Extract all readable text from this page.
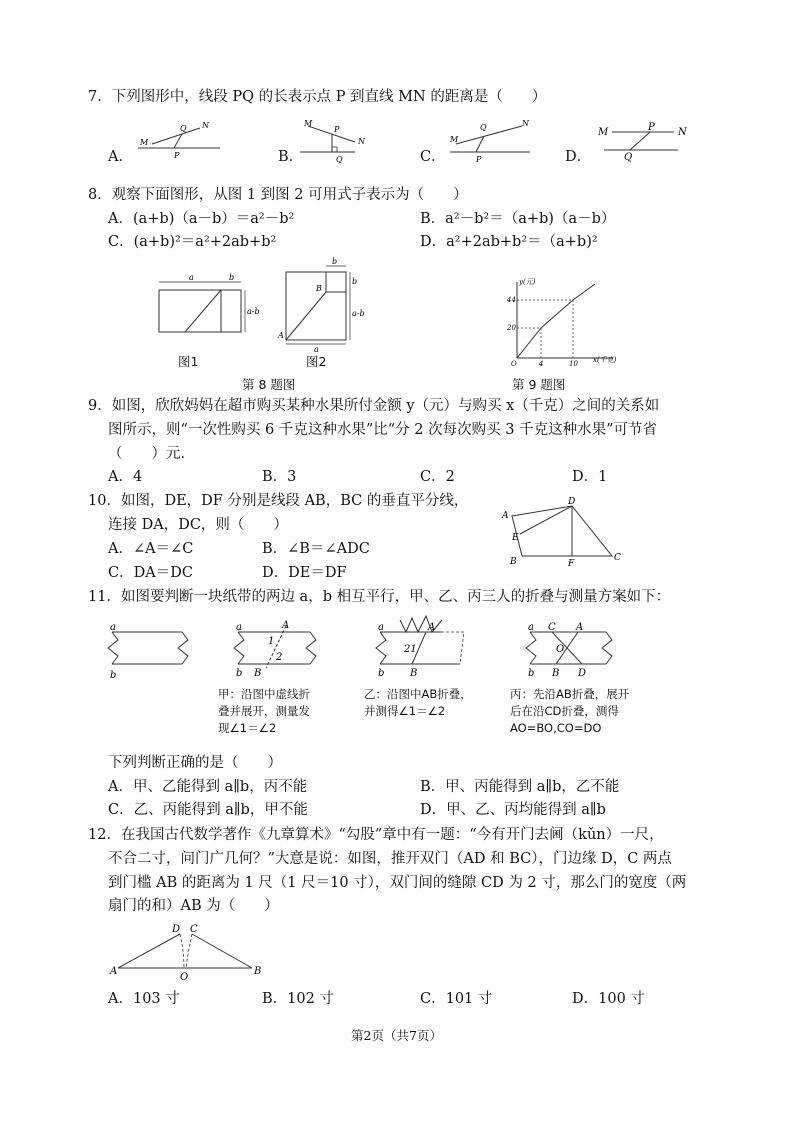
7．下列图形中，线段 PQ 的长表示点 P 到直线 MN 的距离是（　　）
A．	B．	C．	D．
M
N
Q
P
M
N
P
Q
M
N
Q
P
M	N
P
Q
8．观察下面图形，从图 1 到图 2 可用式子表示为（　　）
A．(a+b)（a－b）＝a²－b²	B．a²－b²＝（a+b)（a－b）
C．(a+b)²＝a²+2ab+b²	D．a²+2ab+b²＝（a+b)²
a	b
a-b
图1
b
b
a-b
a
B
A
图2
第 8 题图
y(元)
x(千克)
44
20
O	4	10
第 9 题图
9．如图，欣欣妈妈在超市购买某种水果所付金额 y（元）与购买 x（千克）之间的关系如
图所示，则“一次性购买 6 千克这种水果”比“分 2 次每次购买 3 千克这种水果”可节省
（　　）元．
A．4	B．3	C．2	D．1
10．如图，DE，DF 分别是线段 AB，BC 的垂直平分线，
连接 DA，DC，则（　　）
A．∠A＝∠C	B．∠B＝∠ADC
C．DA＝DC	D．DE＝DF
A
D
E
B	F
C
11．如图要判断一块纸带的两边 a，b 相互平行，甲、乙、丙三人的折叠与测量方案如下：
a
b
a
b
A
B
1
2
甲：沿图中虚线折
叠并展开，测量发
现∠1＝∠2
a
b
A
B
21
乙：沿图中AB折叠，
并测得∠1＝∠2
a
b
C A
O
B D
丙：先沿AB折叠，展开
后在沿CD折叠，测得
AO=BO,CO=DO
下列判断正确的是（　　）
A．甲、乙能得到 a∥b，丙不能	B．甲、丙能得到 a∥b，乙不能
C．乙、丙能得到 a∥b，甲不能	D．甲、乙、丙均能得到 a∥b
12．在我国古代数学著作《九章算术》“勾股”章中有一题：“今有开门去阃（kǔn）一尺，
不合二寸，问门广几何？”大意是说：如图，推开双门（AD 和 BC），门边缘 D，C 两点
到门槛 AB 的距离为 1 尺（1 尺＝10 寸），双门间的缝隙 CD 为 2 寸，那么门的宽度（两
扇门的和）AB 为（　　）
D C
A	B
O
A．103 寸	B．102 寸	C．101 寸	D．100 寸
第2页（共7页）
